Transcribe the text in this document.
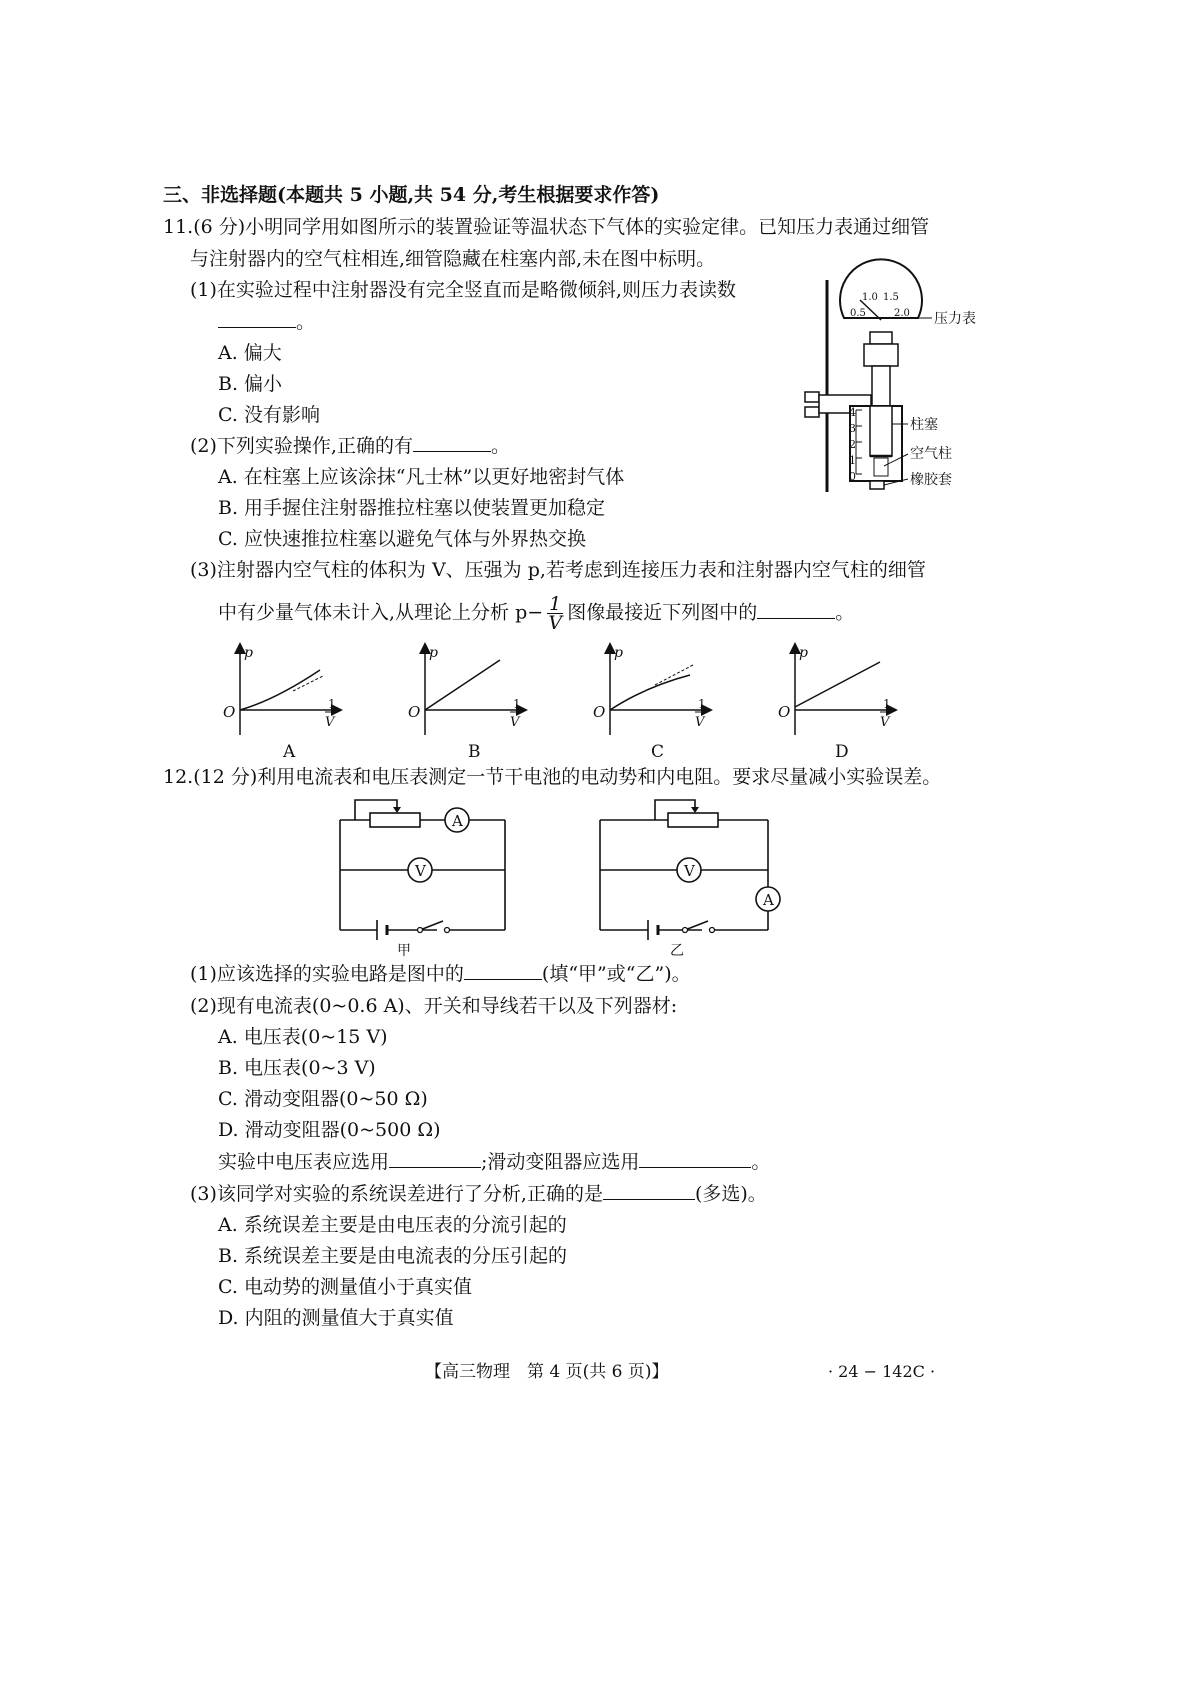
三、非选择题(本题共 5 小题,共 54 分,考生根据要求作答)
11.(6 分)小明同学用如图所示的装置验证等温状态下气体的实验定律。已知压力表通过细管
与注射器内的空气柱相连,细管隐藏在柱塞内部,未在图中标明。
(1)在实验过程中注射器没有完全竖直而是略微倾斜,则压力表读数
。
A. 偏大
B. 偏小
C. 没有影响
(2)下列实验操作,正确的有	。
A. 在柱塞上应该涂抹“凡士林”以更好地密封气体
B. 用手握住注射器推拉柱塞以使装置更加稳定
C. 应快速推拉柱塞以避免气体与外界热交换
(3)注射器内空气柱的体积为 V、压强为 p,若考虑到连接压力表和注射器内空气柱的细管
中有少量气体未计入,从理论上分析 $p- \frac{1}{V}$ 图像最接近下列图中的	。
0.5
1.0 1.5
2.0 压力表
4
3
2
1
0
柱塞
空气柱
橡胶套
p
O	1
V
A
p
O	1
V
B
p
O	1
V
C
p
O	1
V
D
12.(12 分)利用电流表和电压表测定一节干电池的电动势和内电阻。要求尽量减小实验误差。
A
V
甲
V
A
乙
(1)应该选择的实验电路是图中的	(填“甲”或“乙”)。
(2)现有电流表(0~0.6 A)、开关和导线若干以及下列器材:
A. 电压表(0~15 V)
B. 电压表(0~3 V)
C. 滑动变阻器(0~50 Ω)
D. 滑动变阻器(0~500 Ω)
实验中电压表应选用	;滑动变阻器应选用	。
(3)该同学对实验的系统误差进行了分析,正确的是	(多选)。
A. 系统误差主要是由电压表的分流引起的
B. 系统误差主要是由电流表的分压引起的
C. 电动势的测量值小于真实值
D. 内阻的测量值大于真实值
【高三物理　第 4 页(共 6 页)】	· 24 − 142C ·
